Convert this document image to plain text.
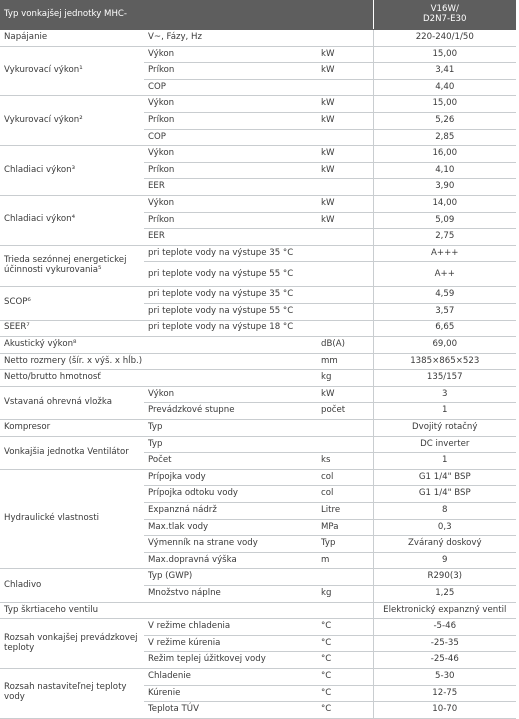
Typ vonkajšej jednotky MHC-			V16W/
D2N7-E30
Napájanie	V~, Fázy, Hz		220-240/1/50
Vykurovací výkon¹	Výkon	kW	15,00
	Príkon	kW	3,41
	COP		4,40
Vykurovací výkon²	Výkon	kW	15,00
	Príkon	kW	5,26
	COP		2,85
Chladiaci výkon³	Výkon	kW	16,00
	Príkon	kW	4,10
	EER		3,90
Chladiaci výkon⁴	Výkon	kW	14,00
	Príkon	kW	5,09
	EER		2,75
Trieda sezónnej energetickej účinnosti vykurovania⁵	pri teplote vody na výstupe 35 °C		A+++
	pri teplote vody na výstupe 55 °C		A++
SCOP⁶	pri teplote vody na výstupe 35 °C		4,59
	pri teplote vody na výstupe 55 °C		3,57
SEER⁷	pri teplote vody na výstupe 18 °C		6,65
Akustický výkon⁸		dB(A)	69,00
Netto rozmery (šír. x výš. x hĺb.)		mm	1385×865×523
Netto/brutto hmotnosť		kg	135/157
Vstavaná ohrevná vložka	Výkon	kW	3
	Prevádzkové stupne	počet	1
Kompresor	Typ		Dvojitý rotačný
Vonkajšia jednotka Ventilátor	Typ		DC inverter
	Počet	ks	1
Hydraulické vlastnosti	Prípojka vody	col	G1 1/4" BSP
	Prípojka odtoku vody	col	G1 1/4" BSP
	Expanzná nádrž	Litre	8
	Max.tlak vody	MPa	0,3
	Výmenník na strane vody	Typ	Zváraný doskový
	Max.dopravná výška	m	9
Chladivo	Typ (GWP)		R290(3)
	Množstvo náplne	kg	1,25
Typ škrtiaceho ventilu			Elektronický expanzný ventil
Rozsah vonkajšej prevádzkovej teploty	V režime chladenia	°C	-5-46
	V režime kúrenia	°C	-25-35
	Režim teplej úžitkovej vody	°C	-25-46
Rozsah nastaviteľnej teploty vody	Chladenie	°C	5-30
	Kúrenie	°C	12-75
	Teplota TÚV	°C	10-70
